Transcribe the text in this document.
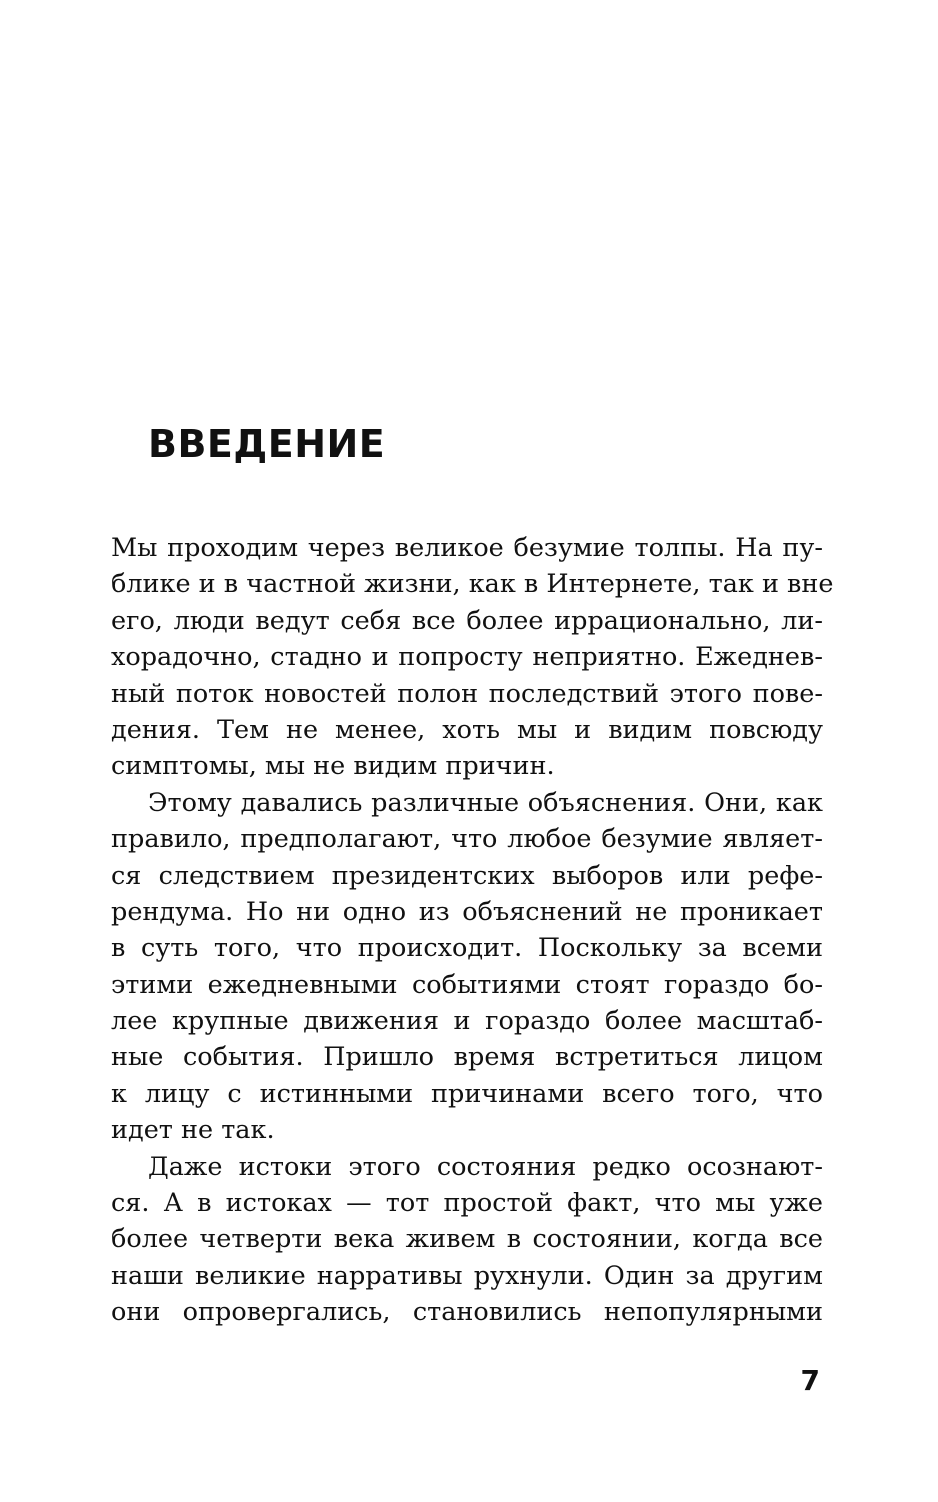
ВВЕДЕНИЕ
Мы проходим через великое безумие толпы. На пу-
блике и в частной жизни, как в Интернете, так и вне
его, люди ведут себя все более иррационально, ли-
хорадочно, стадно и попросту неприятно. Ежеднев-
ный поток новостей полон последствий этого пове-
дения. Тем не менее, хоть мы и видим повсюду
симптомы, мы не видим причин.
Этому давались различные объяснения. Они, как
правило, предполагают, что любое безумие являет-
ся следствием президентских выборов или рефе-
рендума. Но ни одно из объяснений не проникает
в суть того, что происходит. Поскольку за всеми
этими ежедневными событиями стоят гораздо бо-
лее крупные движения и гораздо более масштаб-
ные события. Пришло время встретиться лицом
к лицу с истинными причинами всего того, что
идет не так.
Даже истоки этого состояния редко осознают-
ся. А в истоках — тот простой факт, что мы уже
более четверти века живем в состоянии, когда все
наши великие нарративы рухнули. Один за другим
они опровергались, становились непопулярными
7
